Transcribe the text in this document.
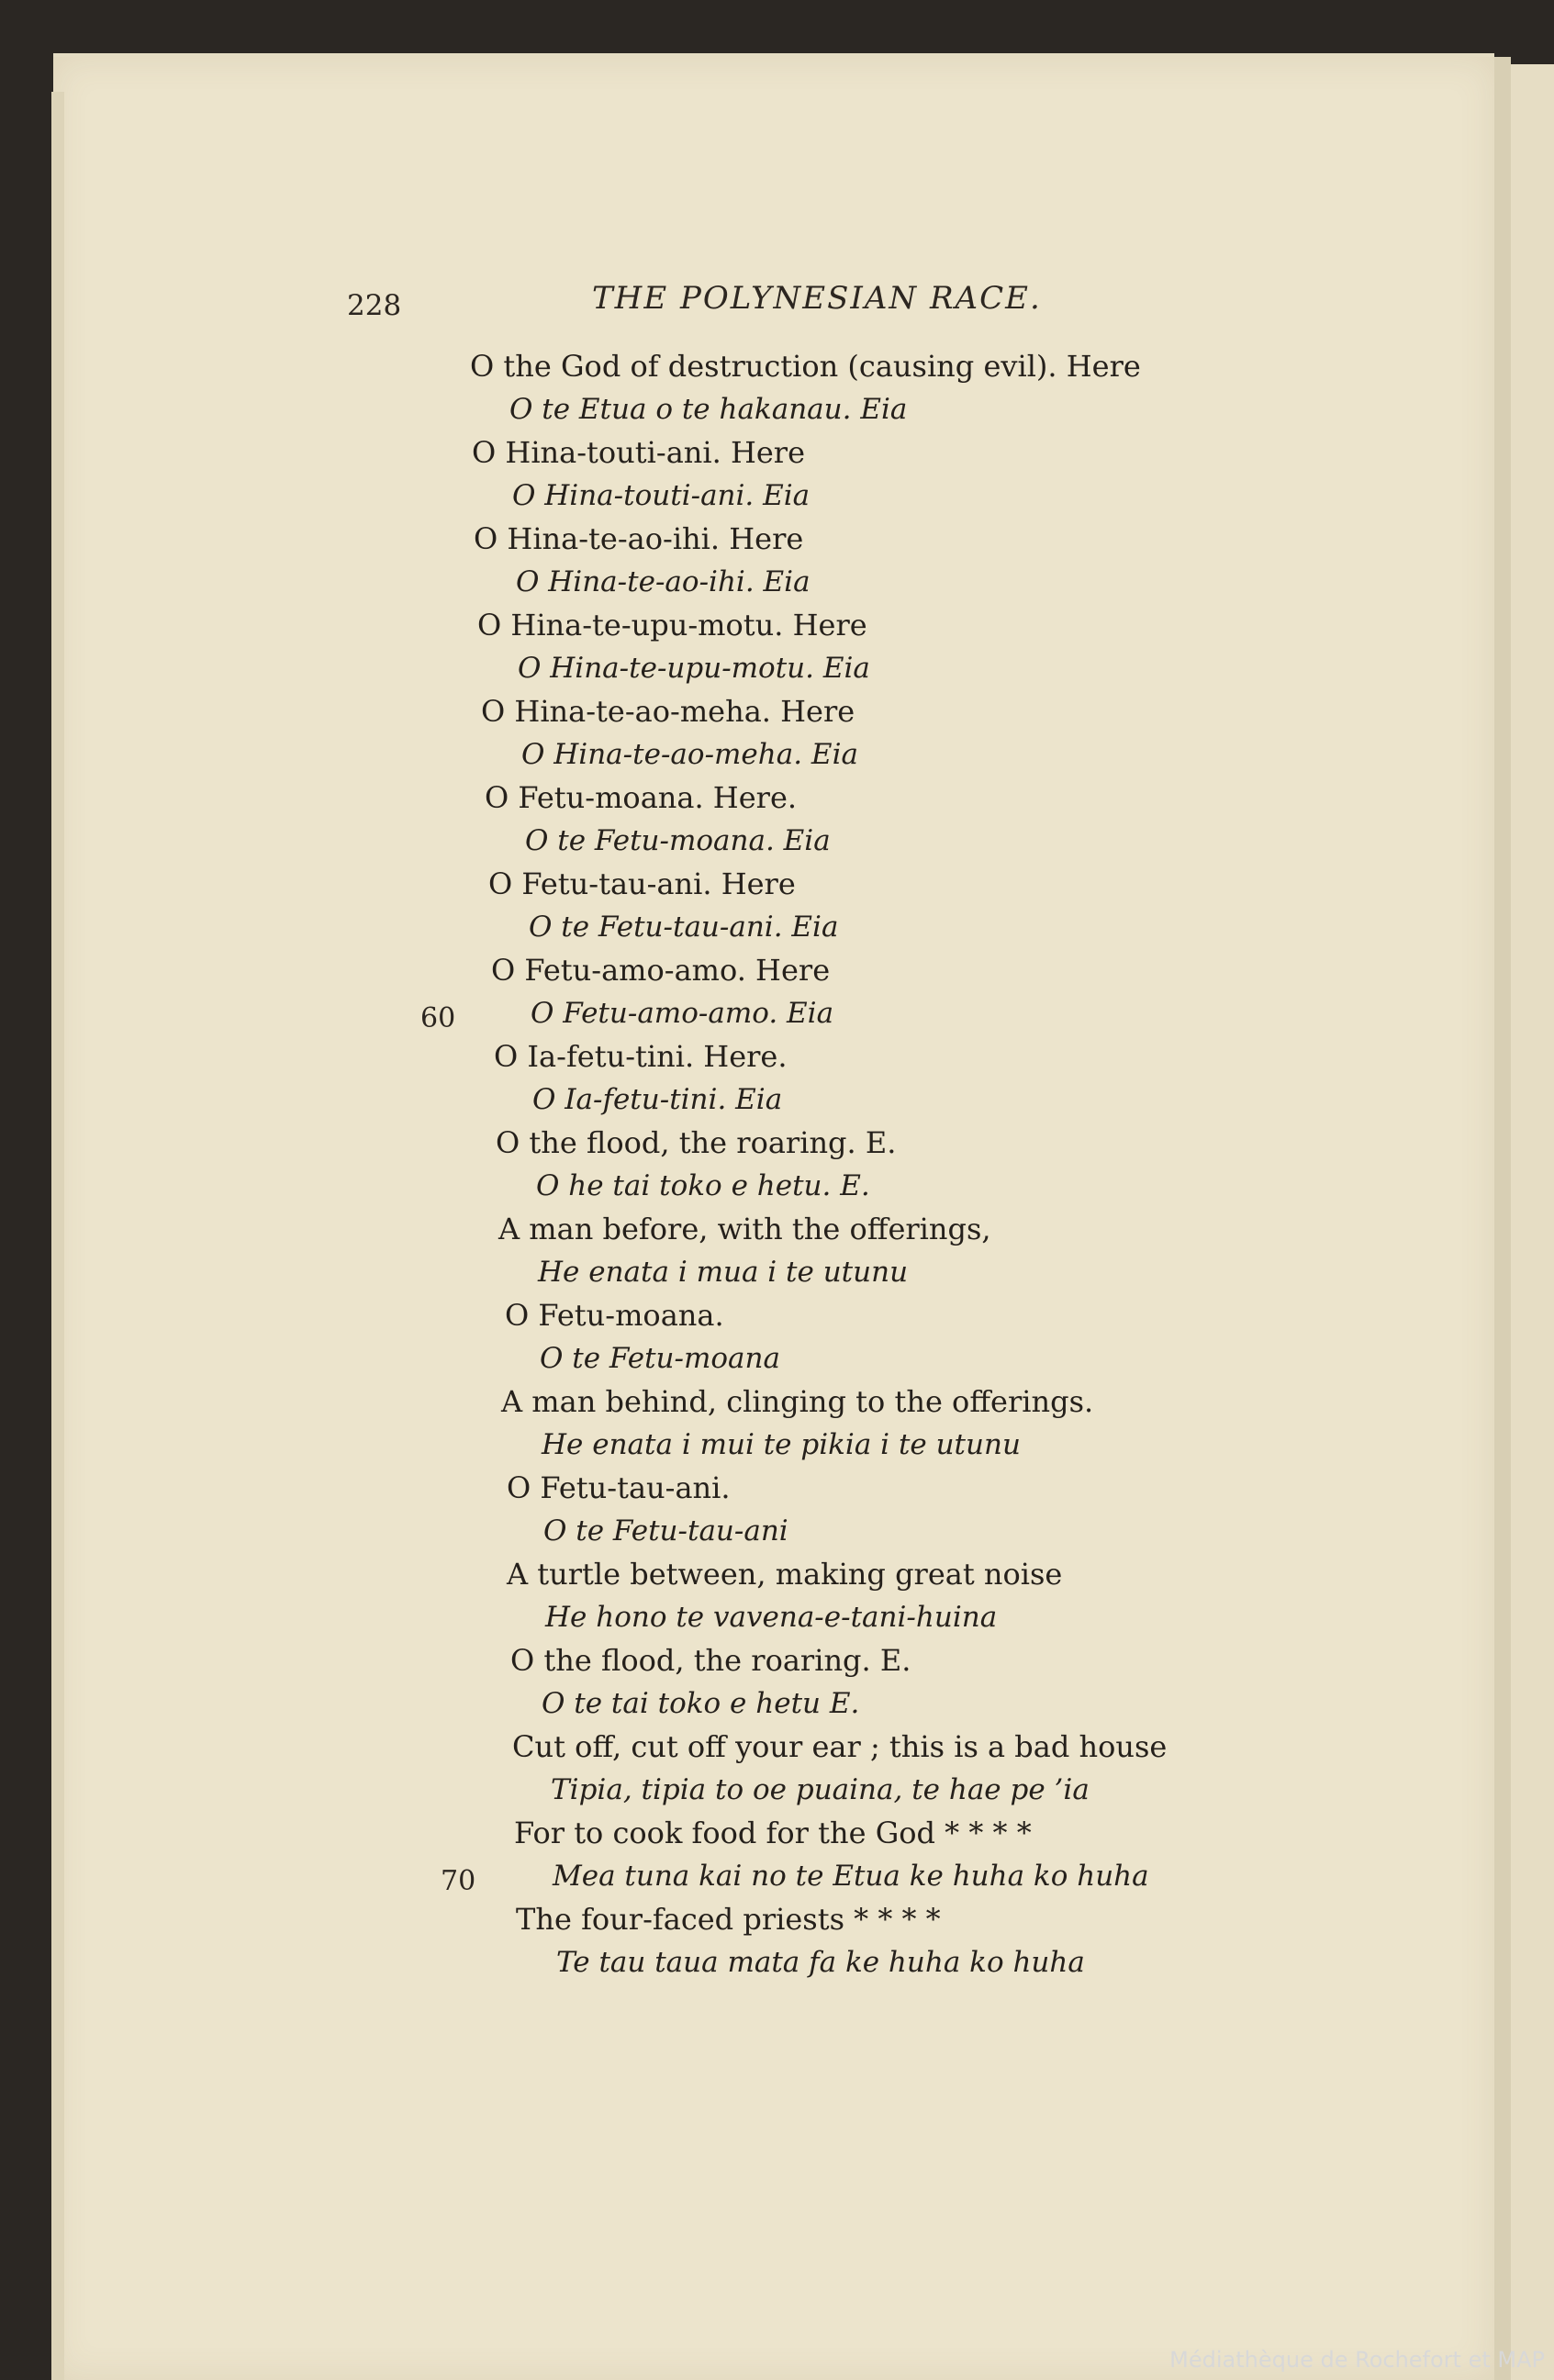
228	THE POLYNESIAN RACE.
O the God of destruction (causing evil). Here
O te Etua o te hakanau. Eia
O Hina-touti-ani. Here
O Hina-touti-ani. Eia
O Hina-te-ao-ihi. Here
O Hina-te-ao-ihi. Eia
O Hina-te-upu-motu. Here
O Hina-te-upu-motu. Eia
O Hina-te-ao-meha. Here
O Hina-te-ao-meha. Eia
O Fetu-moana. Here.
O te Fetu-moana. Eia
O Fetu-tau-ani. Here
O te Fetu-tau-ani. Eia
O Fetu-amo-amo. Here
60	O Fetu-amo-amo. Eia
O Ia-fetu-tini. Here.
O Ia-fetu-tini. Eia
O the flood, the roaring. E.
O he tai toko e hetu. E.
A man before, with the offerings,
He enata i mua i te utunu
O Fetu-moana.
O te Fetu-moana
A man behind, clinging to the offerings.
He enata i mui te pikia i te utunu
O Fetu-tau-ani.
O te Fetu-tau-ani
A turtle between, making great noise
He hono te vavena-e-tani-huina
O the flood, the roaring. E.
O te tai toko e hetu E.
Cut off, cut off your ear ; this is a bad house
Tipia, tipia to oe puaina, te hae pe ’ia
For to cook food for the God * * * *
70	Mea tuna kai no te Etua ke huha ko huha
The four-faced priests * * * *
Te tau taua mata fa ke huha ko huha
Médiathèque de Rochefort et MAP
